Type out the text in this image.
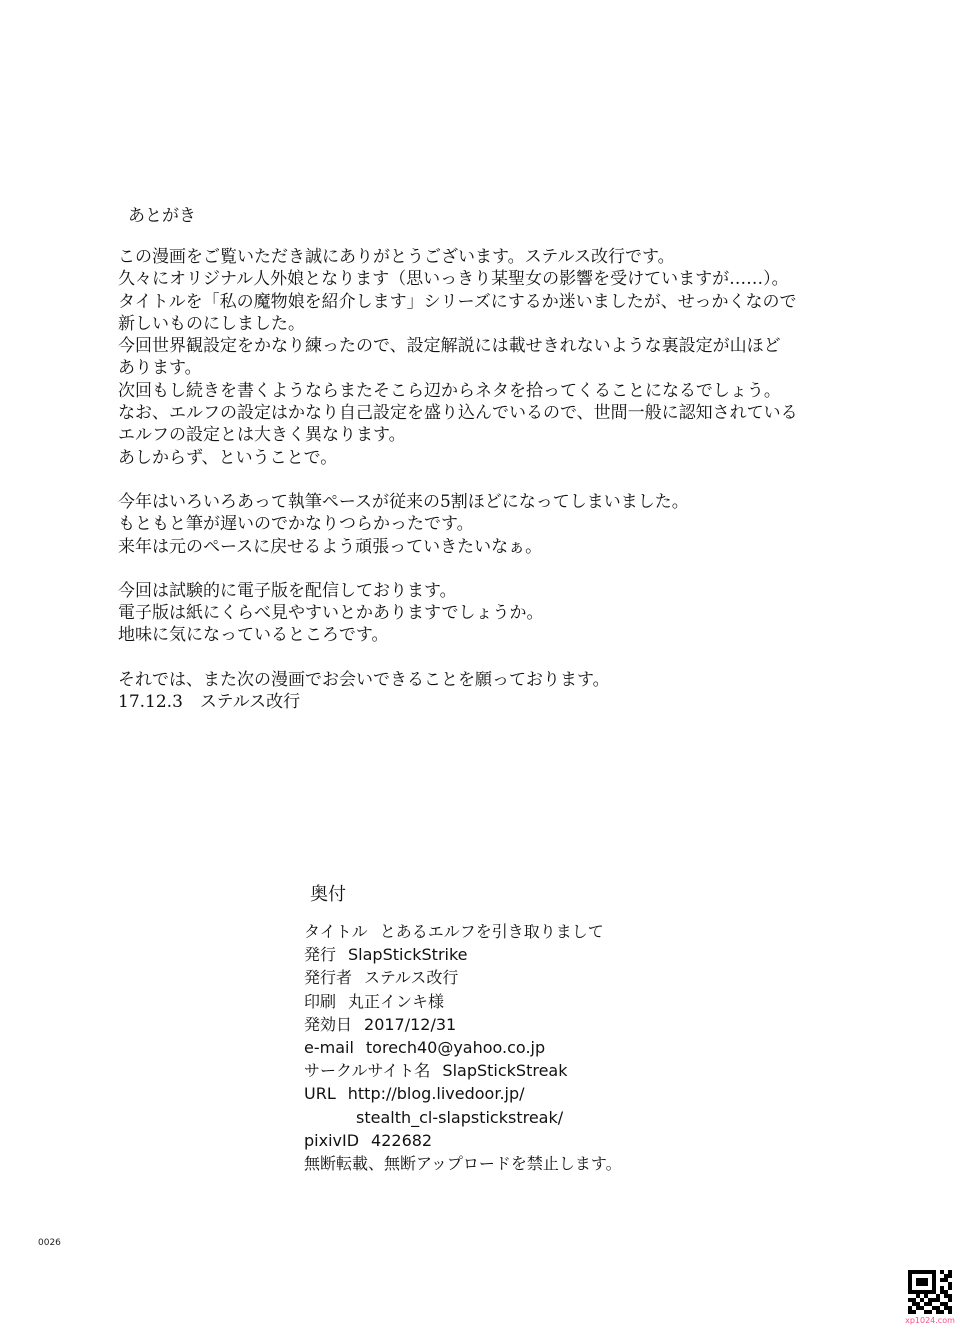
あとがき
この漫画をご覧いただき誠にありがとうございます。ステルス改行です。
久々にオリジナル人外娘となります（思いっきり某聖女の影響を受けていますが……）。
タイトルを「私の魔物娘を紹介します」シリーズにするか迷いましたが、せっかくなので
新しいものにしました。
今回世界観設定をかなり練ったので、設定解説には載せきれないような裏設定が山ほど
あります。
次回もし続きを書くようならまたそこら辺からネタを拾ってくることになるでしょう。
なお、エルフの設定はかなり自己設定を盛り込んでいるので、世間一般に認知されている
エルフの設定とは大きく異なります。
あしからず、ということで。
今年はいろいろあって執筆ペースが従来の5割ほどになってしまいました。
もともと筆が遅いのでかなりつらかったです。
来年は元のペースに戻せるよう頑張っていきたいなぁ。
今回は試験的に電子版を配信しております。
電子版は紙にくらべ見やすいとかありますでしょうか。
地味に気になっているところです。
それでは、また次の漫画でお会いできることを願っております。
17.12.3　ステルス改行
奥付
タイトル とあるエルフを引き取りまして
発行 SlapStickStrike
発行者 ステルス改行
印刷 丸正インキ様
発効日 2017/12/31
e-mail torech40@yahoo.co.jp
サークルサイト名 SlapStickStreak
URL http://blog.livedoor.jp/
stealth_cl-slapstickstreak/
pixivID 422682
無断転載、無断アップロードを禁止します。
0026
xp1024.com
